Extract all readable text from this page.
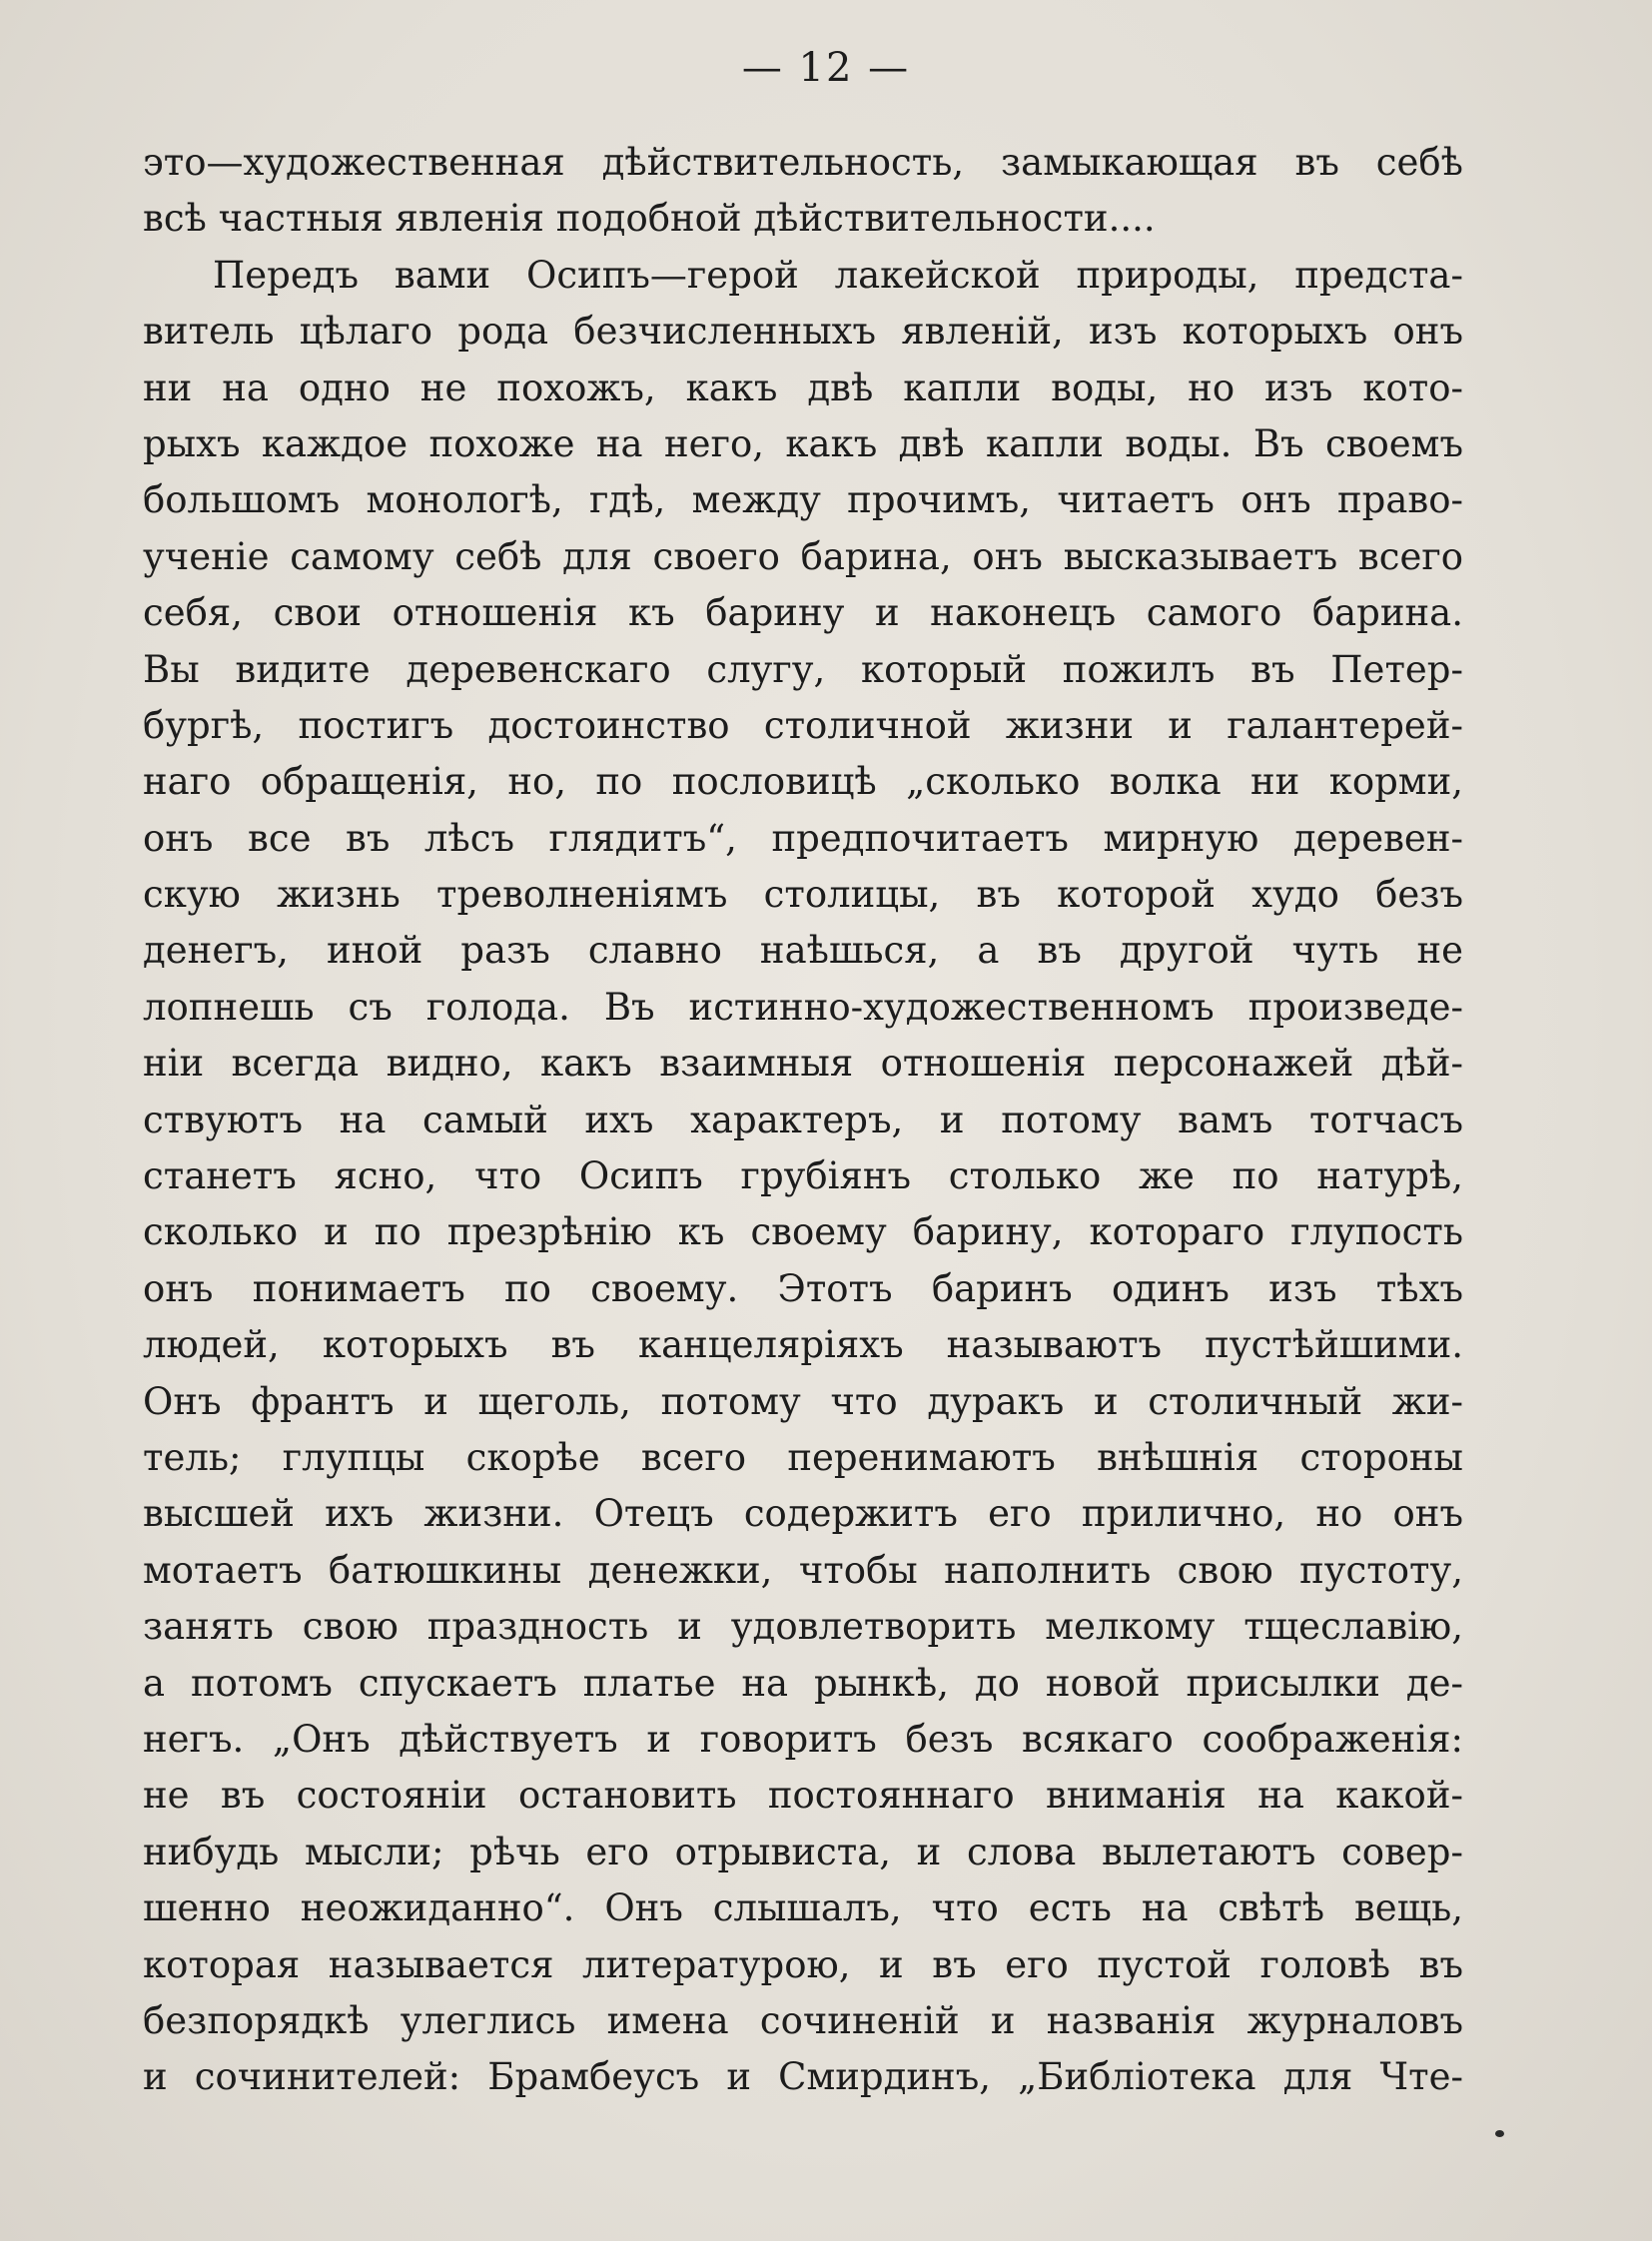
— 12 —
это—художественная дѣйствительность, замыкающая въ себѣ
всѣ частныя явленія подобной дѣйствительности....
Передъ вами Осипъ—герой лакейской природы, предста-
витель цѣлаго рода безчисленныхъ явленій, изъ которыхъ онъ
ни на одно не похожъ, какъ двѣ капли воды, но изъ кото-
рыхъ каждое похоже на него, какъ двѣ капли воды. Въ своемъ
большомъ монологѣ, гдѣ, между прочимъ, читаетъ онъ право-
ученіе самому себѣ для своего барина, онъ высказываетъ всего
себя, свои отношенія къ барину и наконецъ самого барина.
Вы видите деревенскаго слугу, который пожилъ въ Петер-
бургѣ, постигъ достоинство столичной жизни и галантерей-
наго обращенія, но, по пословицѣ „сколько волка ни корми,
онъ все въ лѣсъ глядитъ“, предпочитаетъ мирную деревен-
скую жизнь треволненіямъ столицы, въ которой худо безъ
денегъ, иной разъ славно наѣшься, а въ другой чуть не
лопнешь съ голода. Въ истинно-художественномъ произведе-
ніи всегда видно, какъ взаимныя отношенія персонажей дѣй-
ствуютъ на самый ихъ характеръ, и потому вамъ тотчасъ
станетъ ясно, что Осипъ грубіянъ столько же по натурѣ,
сколько и по презрѣнію къ своему барину, котораго глупость
онъ понимаетъ по своему. Этотъ баринъ одинъ изъ тѣхъ
людей, которыхъ въ канцеляріяхъ называютъ пустѣйшими.
Онъ франтъ и щеголь, потому что дуракъ и столичный жи-
тель; глупцы скорѣе всего перенимаютъ внѣшнія стороны
высшей ихъ жизни. Отецъ содержитъ его прилично, но онъ
мотаетъ батюшкины денежки, чтобы наполнить свою пустоту,
занять свою праздность и удовлетворить мелкому тщеславію,
а потомъ спускаетъ платье на рынкѣ, до новой присылки де-
негъ. „Онъ дѣйствуетъ и говоритъ безъ всякаго соображенія:
не въ состояніи остановить постояннаго вниманія на какой-
нибудь мысли; рѣчь его отрывиста, и слова вылетаютъ совер-
шенно неожиданно“. Онъ слышалъ, что есть на свѣтѣ вещь,
которая называется литературою, и въ его пустой головѣ въ
безпорядкѣ улеглись имена сочиненій и названія журналовъ
и сочинителей: Брамбеусъ и Смирдинъ, „Библіотека для Чте-
